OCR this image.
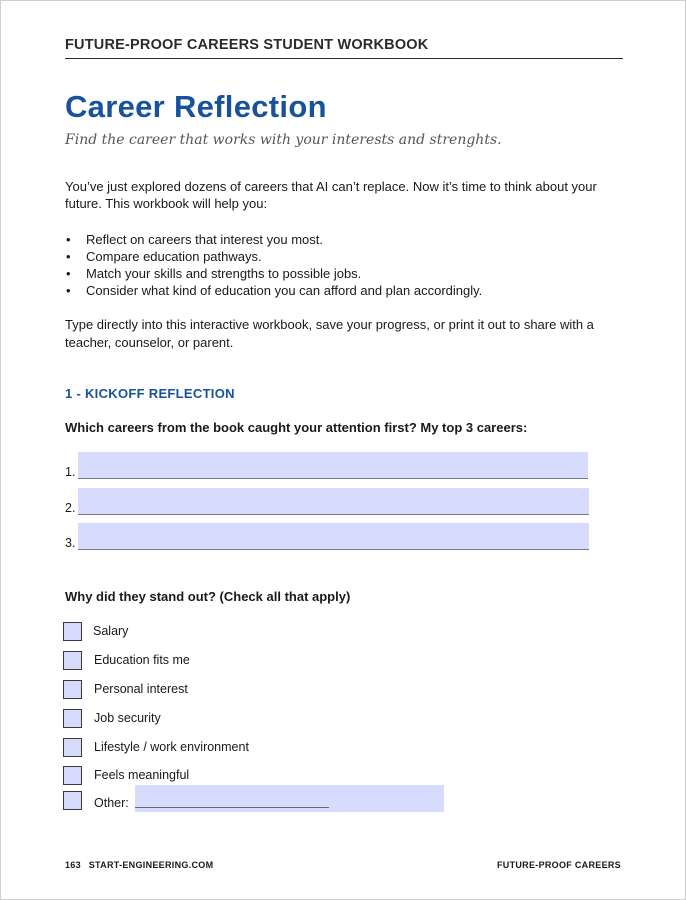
FUTURE-PROOF CAREERS STUDENT WORKBOOK
Career Reflection
Find the career that works with your interests and strenghts.
You’ve just explored dozens of careers that AI can’t replace. Now it’s time to think about your
future. This workbook will help you:
• Reflect on careers that interest you most.
• Compare education pathways.
• Match your skills and strengths to possible jobs.
• Consider what kind of education you can afford and plan accordingly.
Type directly into this interactive workbook, save your progress, or print it out to share with a
teacher, counselor, or parent.
1 - KICKOFF REFLECTION
Which careers from the book caught your attention first? My top 3 careers:
1.
2.
3.
Why did they stand out? (Check all that apply)
Salary
Education fits me
Personal interest
Job security
Lifestyle / work environment
Feels meaningful
Other:
163 START-ENGINEERING.COM	FUTURE-PROOF CAREERS
